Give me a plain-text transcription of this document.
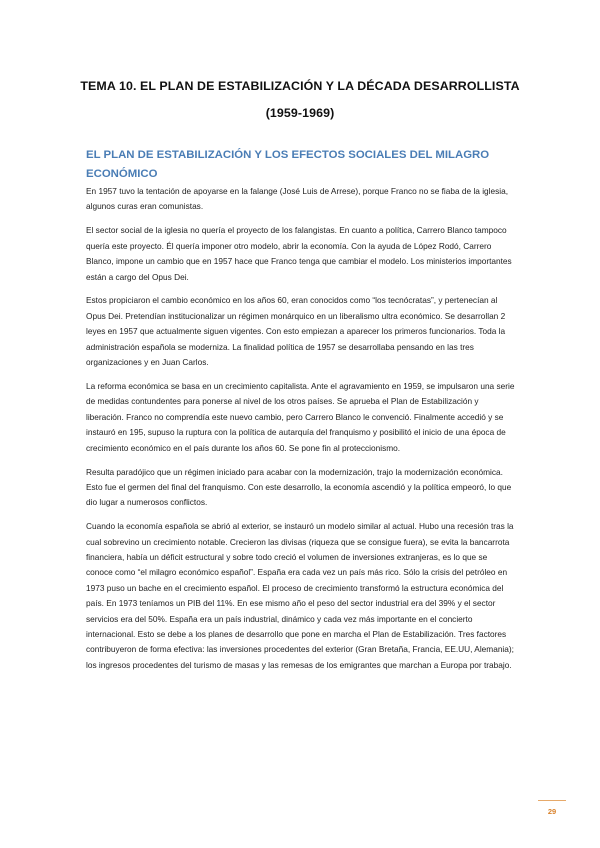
TEMA 10. EL PLAN DE ESTABILIZACIÓN Y LA DÉCADA DESARROLLISTA
(1959-1969)
EL PLAN DE ESTABILIZACIÓN Y LOS EFECTOS SOCIALES DEL MILAGRO ECONÓMICO

En 1957 tuvo la tentación de apoyarse en la falange (José Luis de Arrese), porque Franco no se fiaba de la iglesia, algunos curas eran comunistas.

El sector social de la iglesia no quería el proyecto de los falangistas. En cuanto a política, Carrero Blanco tampoco quería este proyecto. Él quería imponer otro modelo, abrir la economía. Con la ayuda de López Rodó, Carrero Blanco, impone un cambio que en 1957 hace que Franco tenga que cambiar el modelo. Los ministerios importantes están a cargo del Opus Dei.

Estos propiciaron el cambio económico en los años 60, eran conocidos como “los tecnócratas”, y pertenecían al Opus Dei. Pretendían institucionalizar un régimen monárquico en un liberalismo ultra económico. Se desarrollan 2 leyes en 1957 que actualmente siguen vigentes. Con esto empiezan a aparecer los primeros funcionarios. Toda la administración española se moderniza. La finalidad política de 1957 se desarrollaba pensando en las tres organizaciones y en Juan Carlos.

La reforma económica se basa en un crecimiento capitalista. Ante el agravamiento en 1959, se impulsaron una serie de medidas contundentes para ponerse al nivel de los otros países. Se aprueba el Plan de Estabilización y liberación. Franco no comprendía este nuevo cambio, pero Carrero Blanco le convenció. Finalmente accedió y se instauró en 195, supuso la ruptura con la política de autarquía del franquismo y posibilitó el inicio de una época de crecimiento económico en el país durante los años 60. Se pone fin al proteccionismo.

Resulta paradójico que un régimen iniciado para acabar con la modernización, trajo la modernización económica. Esto fue el germen del final del franquismo. Con este desarrollo, la economía ascendió y la política empeoró, lo que dio lugar a numerosos conflictos.

Cuando la economía española se abrió al exterior, se instauró un modelo similar al actual. Hubo una recesión tras la cual sobrevino un crecimiento notable. Crecieron las divisas (riqueza que se consigue fuera), se evita la bancarrota financiera, había un déficit estructural y sobre todo creció el volumen de inversiones extranjeras, es lo que se conoce como “el milagro económico español”. España era cada vez un país más rico. Sólo la crisis del petróleo en 1973 puso un bache en el crecimiento español. El proceso de crecimiento transformó la estructura económica del país. En 1973 teníamos un PIB del 11%. En ese mismo año el peso del sector industrial era del 39% y el sector servicios era del 50%. España era un país industrial, dinámico y cada vez más importante en el concierto internacional. Esto se debe a los planes de desarrollo que pone en marcha el Plan de Estabilización. Tres factores contribuyeron de forma efectiva: las inversiones procedentes del exterior (Gran Bretaña, Francia, EE.UU, Alemania); los ingresos procedentes del turismo de masas y las remesas de los emigrantes que marchan a Europa por trabajo.

29
